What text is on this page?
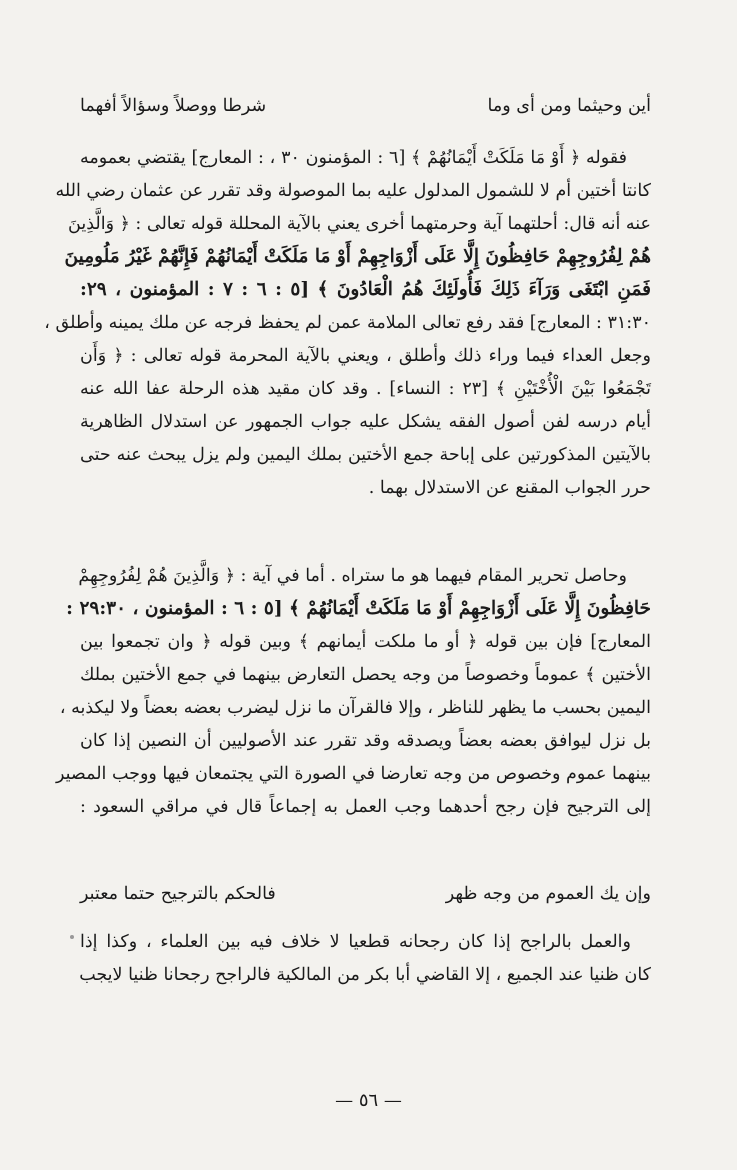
أين وحيثما ومن أى وما
شرطا ووصلاً وسؤالاً أفهما
فقوله ﴿ أَوْ مَا مَلَكَتْ أَيْمَانُهُمْ ﴾ [٦ : المؤمنون ٣٠ ، : المعارج] يقتضي بعمومه
كانتا أختين أم لا للشمول المدلول عليه بما الموصولة وقد تقرر عن عثمان رضي الله
عنه أنه قال: أحلتهما آية وحرمتهما أخرى يعني بالآية المحللة قوله تعالى : ﴿ وَالَّذِينَ
هُمْ لِفُرُوجِهِمْ حَافِظُونَ إِلَّا عَلَى أَزْوَاجِهِمْ أَوْ مَا مَلَكَتْ أَيْمَانُهُمْ فَإِنَّهُمْ غَيْرُ مَلُومِينَ
فَمَنِ ابْتَغَى وَرَآءَ ذَلِكَ فَأُولَئِكَ هُمُ الْعَادُونَ ﴾ [٥ : ٦ : ٧ : المؤمنون ، ٢٩:
٣١:٣٠ : المعارج] فقد رفع تعالى الملامة عمن لم يحفظ فرجه عن ملك يمينه وأطلق ،
وجعل العداء فيما وراء ذلك وأطلق ، ويعني بالآية المحرمة قوله تعالى : ﴿ وَأَن
تَجْمَعُوا بَيْنَ الْأُخْتَيْنِ ﴾ [٢٣ : النساء] . وقد كان مقيد هذه الرحلة عفا الله عنه
أيام درسه لفن أصول الفقه يشكل عليه جواب الجمهور عن استدلال الظاهرية
بالآيتين المذكورتين على إباحة جمع الأختين بملك اليمين ولم يزل يبحث عنه حتى
حرر الجواب المقنع عن الاستدلال بهما .
وحاصل تحرير المقام فيهما هو ما ستراه . أما في آية : ﴿ وَالَّذِينَ هُمْ لِفُرُوجِهِمْ
حَافِظُونَ إِلَّا عَلَى أَزْوَاجِهِمْ أَوْ مَا مَلَكَتْ أَيْمَانُهُمْ ﴾ [٥ : ٦ : المؤمنون ، ٢٩:٣٠ :
المعارج] فإن بين قوله ﴿ أو ما ملكت أيمانهم ﴾ وبين قوله ﴿ وان تجمعوا بين
الأختين ﴾ عموماً وخصوصاً من وجه يحصل التعارض بينهما في جمع الأختين بملك
اليمين بحسب ما يظهر للناظر ، وإلا فالقرآن ما نزل ليضرب بعضه بعضاً ولا ليكذبه ،
بل نزل ليوافق بعضه بعضاً ويصدقه وقد تقرر عند الأصوليين أن النصين إذا كان
بينهما عموم وخصوص من وجه تعارضا في الصورة التي يجتمعان فيها ووجب المصير
إلى الترجيح فإن رجح أحدهما وجب العمل به إجماعاً قال في مراقي السعود :
وإن يك العموم من وجه ظهر
فالحكم بالترجيح حتما معتبر
والعمل بالراجح إذا كان رجحانه قطعيا لا خلاف فيه بين العلماء ، وكذا إذا
كان ظنيا عند الجميع ، إلا القاضي أبا بكر من المالكية فالراجح رجحانا ظنيا لايجب
— ٥٦ —
